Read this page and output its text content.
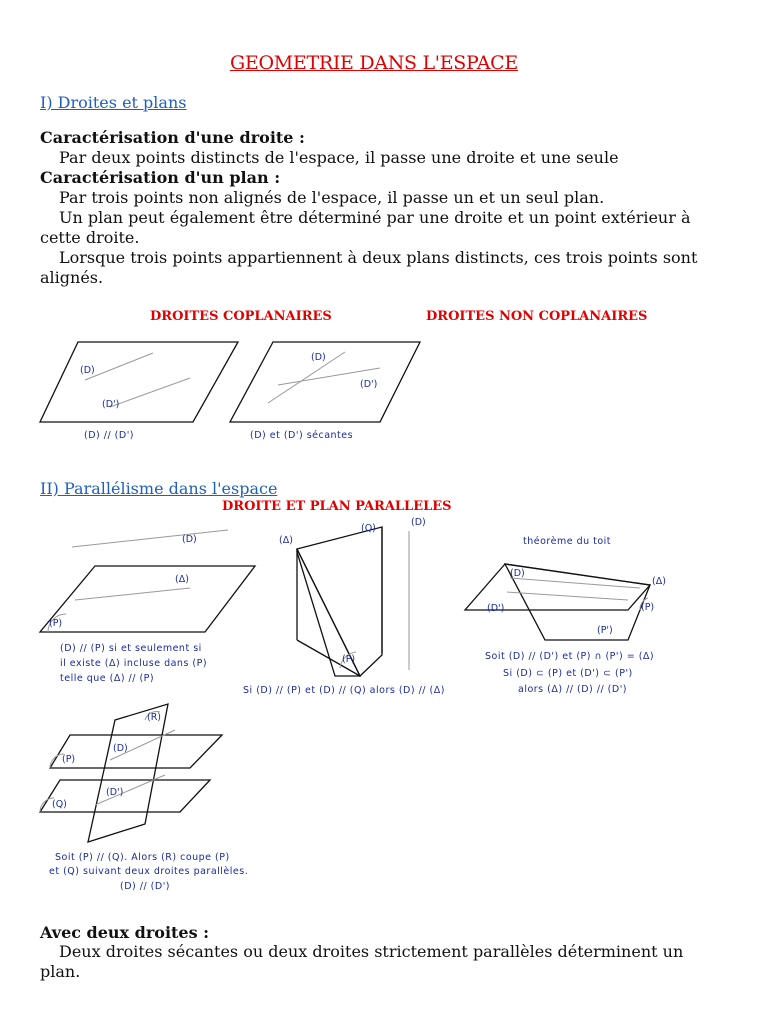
GEOMETRIE DANS L'ESPACE
I) Droites et plans
Caractérisation d'une droite :
Par deux points distincts de l'espace, il passe une droite et une seule
Caractérisation d'un plan :
Par trois points non alignés de l'espace, il passe un et un seul plan.
Un plan peut également être déterminé par une droite et un point extérieur à
cette droite.
Lorsque trois points appartiennent à deux plans distincts, ces trois points sont
alignés.
DROITES COPLANAIRES	DROITES NON COPLANAIRES
(D)
(D')
(D) // (D')
(D)
(D')
(D) et (D') sécantes
II) Parallélisme dans l'espace
DROITE ET PLAN PARALLELES
(D)
(Δ)
(P)
(D) // (P) si et seulement si
il existe (Δ) incluse dans (P)
telle que (Δ) // (P)
(Δ)
(Q)
(D)
(P)
Si (D) // (P) et (D) // (Q) alors (D) // (Δ)
théorème du toit
(D)
(Δ)
(D')	(P)
(P')
Soit (D) // (D') et (P) ∩ (P') = (Δ)
Si (D) ⊂ (P) et (D') ⊂ (P')
alors (Δ) // (D) // (D')
(R)
(D)
(P)
(D')
(Q)
Soit (P) // (Q). Alors (R) coupe (P)
et (Q) suivant deux droites parallèles.
(D) // (D')
Avec deux droites :
Deux droites sécantes ou deux droites strictement parallèles déterminent un
plan.
